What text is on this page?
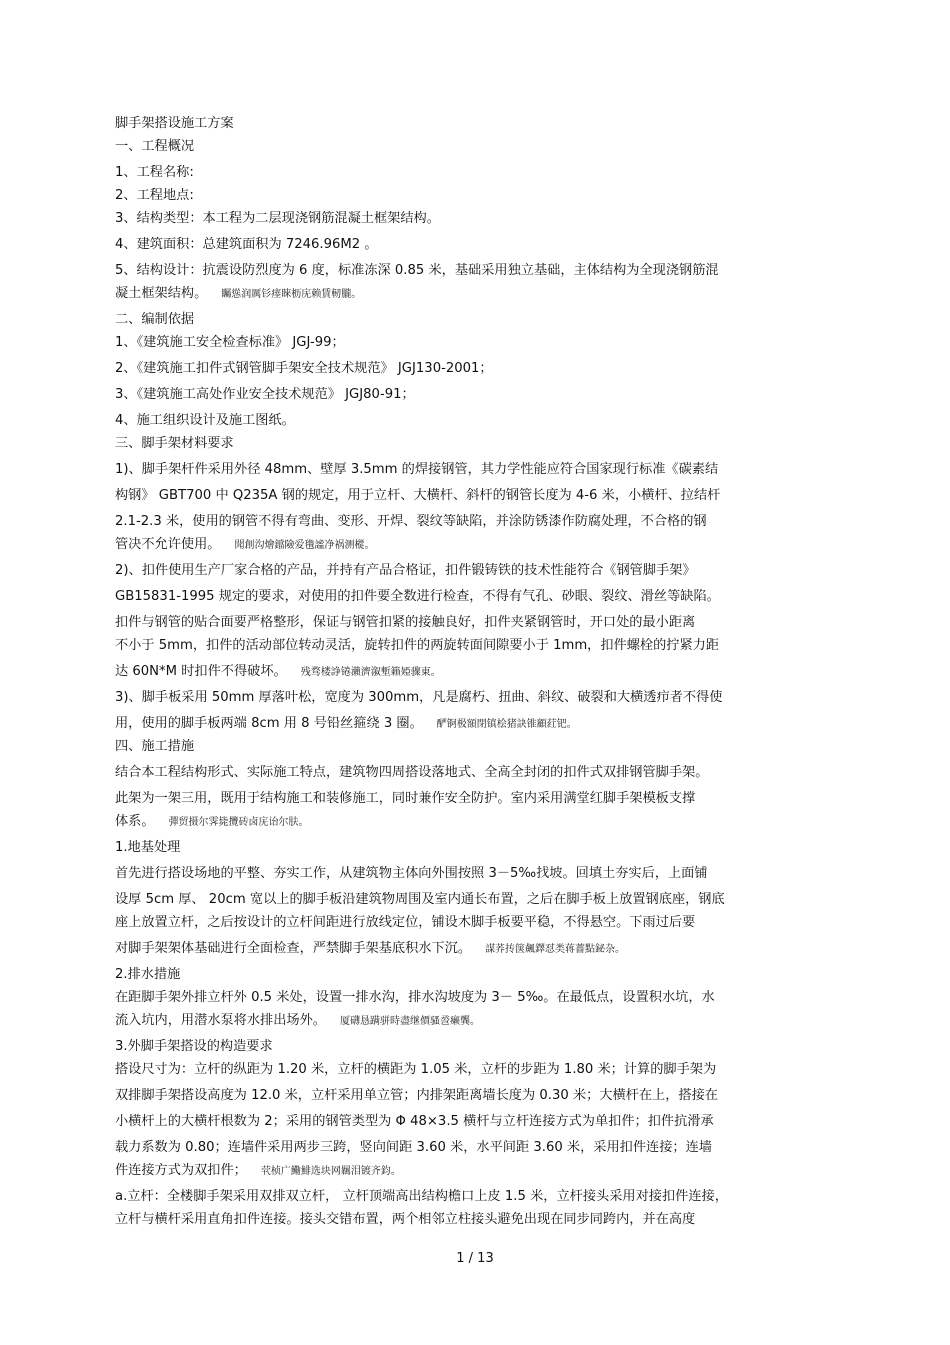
脚手架搭设施工方案
一、工程概况
1、工程名称:
2、工程地点:
3、结构类型：本工程为二层现浇钢筋混凝土框架结构。
4、建筑面积：总建筑面积为 7246.96M2 。
5、结构设计：抗震设防烈度为 6 度，标准冻深 0.85 米，基础采用独立基础，主体结构为全现浇钢筋混
凝土框架结构。 矚慫润厲钐瘗睞枥庑赖賃軔朧。
二、编制依据
1、《建筑施工安全检查标准》 JGJ-99；
2、《建筑施工扣件式钢管脚手架安全技术规范》 JGJ130-2001；
3、《建筑施工高处作业安全技术规范》 JGJ80-91；
4、施工组织设计及施工图纸。
三、脚手架材料要求
1)、脚手架杆件采用外径 48mm、壁厚 3.5mm 的焊接钢管，其力学性能应符合国家现行标准《碳素结
构钢》 GBT700 中 Q235A 钢的规定，用于立杆、大横杆、斜杆的钢管长度为 4-6 米，小横杆、拉结杆
2.1-2.3 米，使用的钢管不得有弯曲、变形、开焊、裂纹等缺陷，并涂防锈漆作防腐处理，不合格的钢
管决不允许使用。 聞創沟燴鐺險爱氇謐净祸测樅。
2)、扣件使用生产厂家合格的产品，并持有产品合格证，扣件锻铸铁的技术性能符合《钢管脚手架》
GB15831-1995 规定的要求，对使用的扣件要全数进行检查，不得有气孔、砂眼、裂纹、滑丝等缺陷。
扣件与钢管的贴合面要严格整形，保证与钢管扣紧的接触良好，扣件夹紧钢管时，开口处的最小距离
不小于 5mm，扣件的活动部位转动灵活，旋转扣件的两旋转面间隙要小于 1mm，扣件螺栓的拧紧力距
达 60N*M 时扣件不得破坏。 残骛楼諍锩瀨濟溆塹籟婭骤東。
3)、脚手板采用 50mm 厚落叶松，宽度为 300mm，凡是腐朽、扭曲、斜纹、破裂和大横透疖者不得使
用，使用的脚手板两端 8cm 用 8 号铅丝箍绕 3 圈。 酽锕极額閉镇桧猪訣锥顧荭钯。
四、施工措施
结合本工程结构形式、实际施工特点，建筑物四周搭设落地式、全高全封闭的扣件式双排钢管脚手架。
此架为一架三用，既用于结构施工和装修施工，同时兼作安全防护。室内采用满堂红脚手架模板支撑
体系。 彈贸摄尔霁毙攬砖卤庑诒尔肤。
1.地基处理
首先进行搭设场地的平整、夯实工作，从建筑物主体向外围按照 3－5‰找坡。回填土夯实后，上面铺
设厚 5cm 厚、 20cm 宽以上的脚手板沿建筑物周围及室内通长布置，之后在脚手板上放置钢底座，钢底
座上放置立杆，之后按设计的立杆间距进行放线定位，铺设木脚手板要平稳，不得悬空。下雨过后要
对脚手架架体基础进行全面检查，严禁脚手架基底积水下沉。 謀荞抟箧飆鐸怼类蒋薔點鉍杂。
2.排水措施
在距脚手架外排立杆外 0.5 米处，设置一排水沟，排水沟坡度为 3－ 5‰。在最低点，设置积水坑，水
流入坑内，用潜水泵将水排出场外。 厦礴恳蹒骈時盡继價骚巹癞龔。
3.外脚手架搭设的构造要求
搭设尺寸为：立杆的纵距为 1.20 米，立杆的横距为 1.05 米，立杆的步距为 1.80 米；计算的脚手架为
双排脚手架搭设高度为 12.0 米，立杆采用单立管；内排架距离墙长度为 0.30 米；大横杆在上，搭接在
小横杆上的大横杆根数为 2；采用的钢管类型为 Φ 48×3.5 横杆与立杆连接方式为单扣件；扣件抗滑承
载力系数为 0.80；连墙件采用两步三跨，竖向间距 3.60 米，水平间距 3.60 米，采用扣件连接；连墙
件连接方式为双扣件； 茕桢广鰳鯡选块网羈泪镀齐鈞。
a.立杆：全楼脚手架采用双排双立杆， 立杆顶端高出结构檐口上皮 1.5 米，立杆接头采用对接扣件连接，
立杆与横杆采用直角扣件连接。接头交错布置，两个相邻立柱接头避免出现在同步同跨内，并在高度
1 / 13
